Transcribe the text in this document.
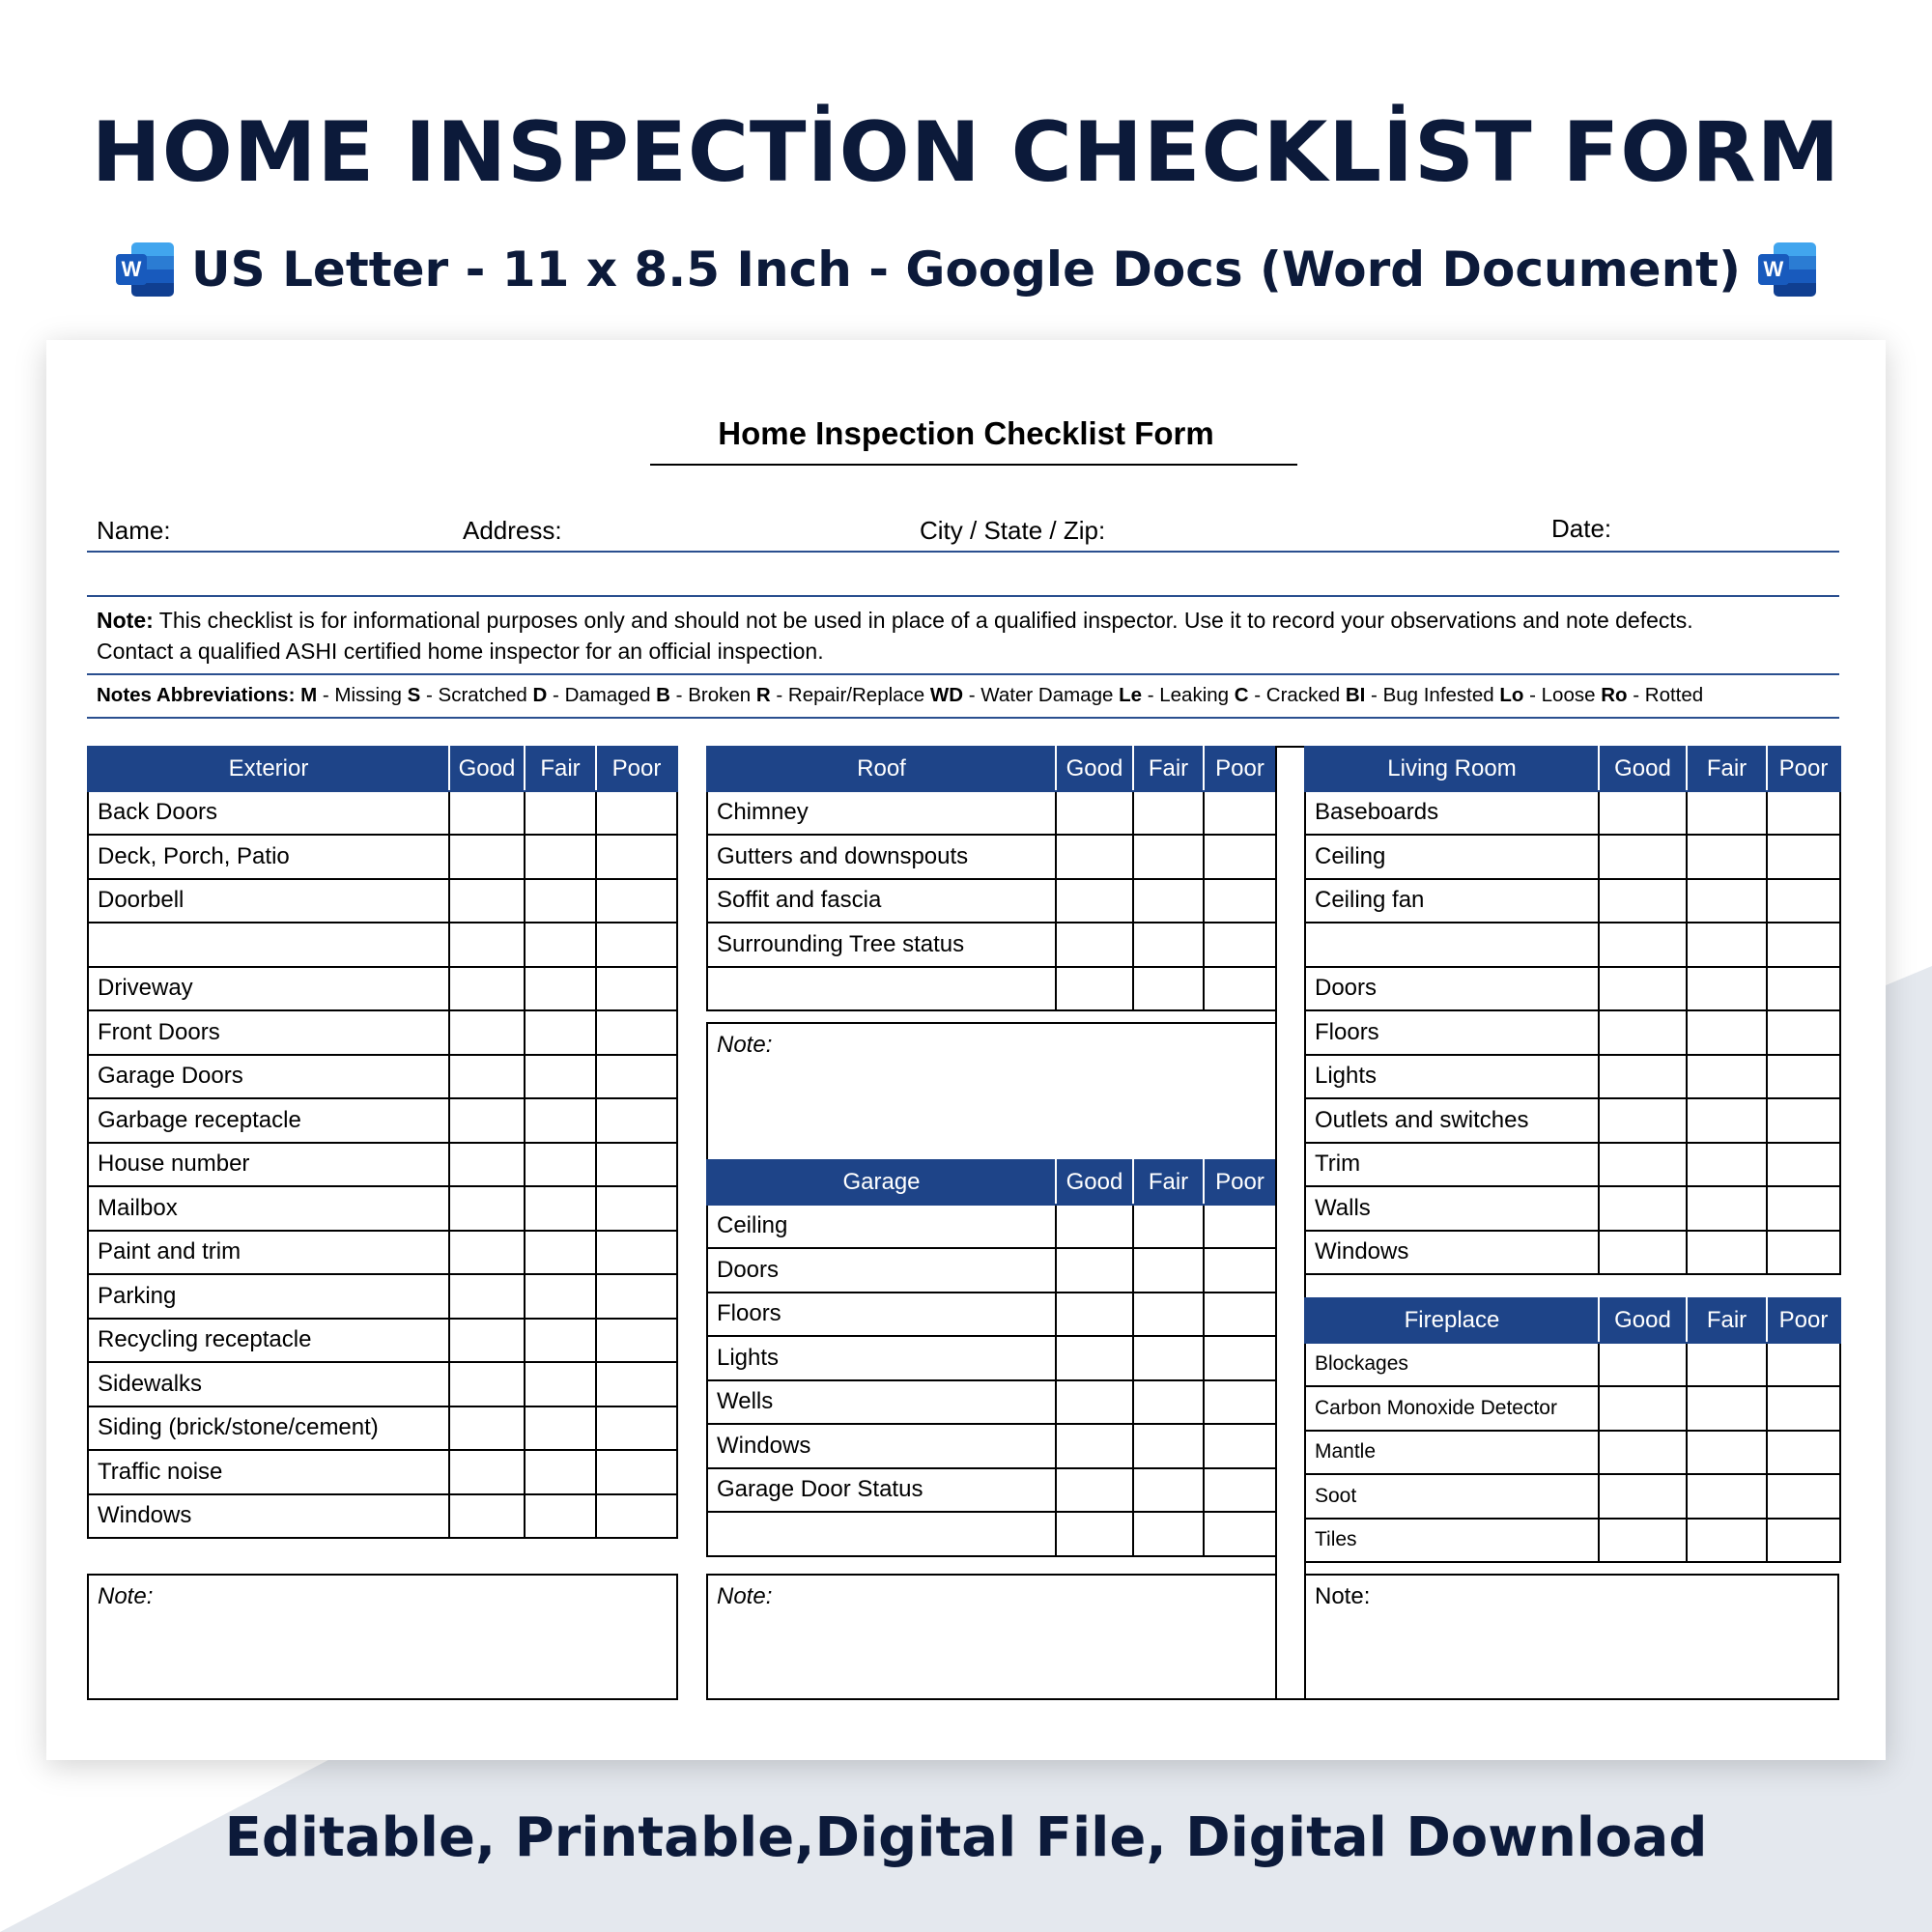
HOME INSPECTİON CHECKLİST FORM
W US Letter - 11 x 8.5 Inch - Google Docs (Word Document) W
Home Inspection Checklist Form
Name:	Address:	City / State / Zip:	Date:
Note: This checklist is for informational purposes only and should not be used in place of a qualified inspector. Use it to record your observations and note defects.
Contact a qualified ASHI certified home inspector for an official inspection.
Notes Abbreviations: M - Missing S - Scratched D - Damaged B - Broken R - Repair/Replace WD - Water Damage Le - Leaking C - Cracked BI - Bug Infested Lo - Loose Ro - Rotted
Exterior	Good	Fair	Poor
Back Doors			
Deck, Porch, Patio			
Doorbell			

Driveway			
Front Doors			
Garage Doors			
Garbage receptacle			
House number			
Mailbox			
Paint and trim			
Parking			
Recycling receptacle			
Sidewalks			
Siding (brick/stone/cement)			
Traffic noise			
Windows			
Note:
Roof	Good	Fair	Poor
Chimney			
Gutters and downspouts			
Soffit and fascia			
Surrounding Tree status			

Note:
Garage	Good	Fair	Poor
Ceiling			
Doors			
Floors			
Lights			
Wells			
Windows			
Garage Door Status			

Note:
Living Room	Good	Fair	Poor
Baseboards			
Ceiling			
Ceiling fan			

Doors			
Floors			
Lights			
Outlets and switches			
Trim			
Walls			
Windows			
Fireplace	Good	Fair	Poor
Blockages			
Carbon Monoxide Detector			
Mantle			
Soot			
Tiles			
Note:
Editable, Printable,Digital File, Digital Download
